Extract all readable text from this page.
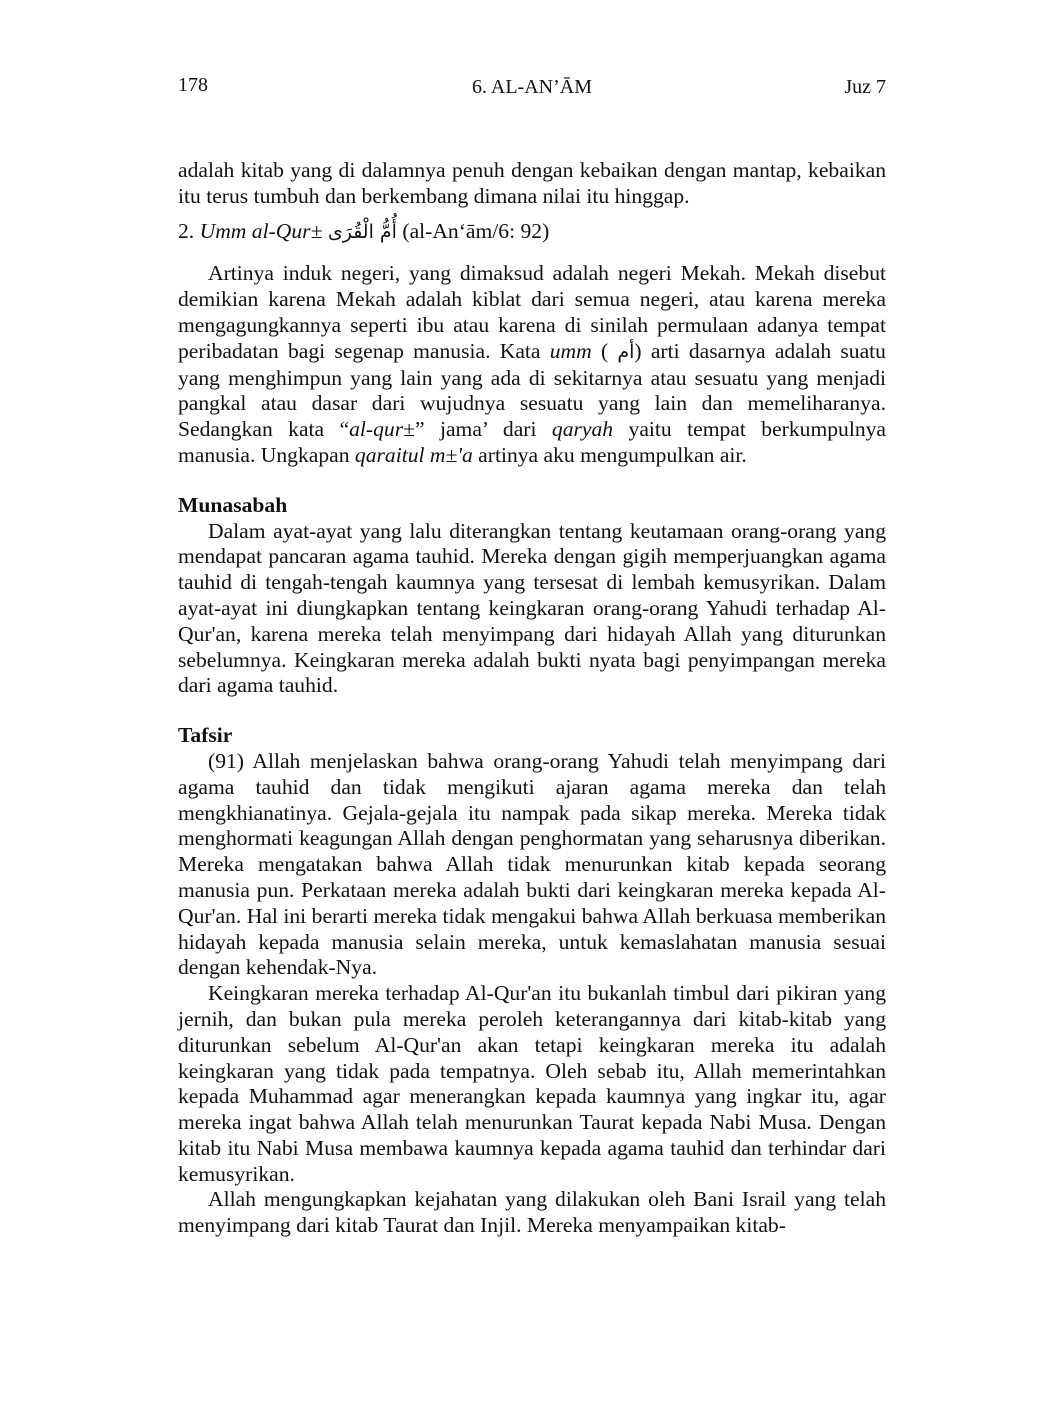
178	6. AL-AN’ĀM	Juz 7

adalah kitab yang di dalamnya penuh dengan kebaikan dengan mantap, kebaikan itu terus tumbuh dan berkembang dimana nilai itu hinggap.

2. Umm al-Qur± أُمُّ الْقُرَى (al-An‘ām/6: 92)

Artinya induk negeri, yang dimaksud adalah negeri Mekah. Mekah disebut demikian karena Mekah adalah kiblat dari semua negeri, atau karena mereka mengagungkannya seperti ibu atau karena di sinilah permulaan adanya tempat peribadatan bagi segenap manusia. Kata umm ( أم) arti dasarnya adalah suatu yang menghimpun yang lain yang ada di sekitarnya atau sesuatu yang menjadi pangkal atau dasar dari wujudnya sesuatu yang lain dan memeliharanya. Sedangkan kata “al-qur±” jama’ dari qaryah yaitu tempat berkumpulnya manusia. Ungkapan qaraitul m±'a artinya aku mengumpulkan air.

Munasabah

Dalam ayat-ayat yang lalu diterangkan tentang keutamaan orang-orang yang mendapat pancaran agama tauhid. Mereka dengan gigih memperjuangkan agama tauhid di tengah-tengah kaumnya yang tersesat di lembah kemusyrikan. Dalam ayat-ayat ini diungkapkan tentang keingkaran orang-orang Yahudi terhadap Al-Qur'an, karena mereka telah menyimpang dari hidayah Allah yang diturunkan sebelumnya. Keingkaran mereka adalah bukti nyata bagi penyimpangan mereka dari agama tauhid.

Tafsir

(91) Allah menjelaskan bahwa orang-orang Yahudi telah menyimpang dari agama tauhid dan tidak mengikuti ajaran agama mereka dan telah mengkhianatinya. Gejala-gejala itu nampak pada sikap mereka. Mereka tidak menghormati keagungan Allah dengan penghormatan yang seharusnya diberikan. Mereka mengatakan bahwa Allah tidak menurunkan kitab kepada seorang manusia pun. Perkataan mereka adalah bukti dari keingkaran mereka kepada Al-Qur'an. Hal ini berarti mereka tidak mengakui bahwa Allah berkuasa memberikan hidayah kepada manusia selain mereka, untuk kemaslahatan manusia sesuai dengan kehendak-Nya.

Keingkaran mereka terhadap Al-Qur'an itu bukanlah timbul dari pikiran yang jernih, dan bukan pula mereka peroleh keterangannya dari kitab-kitab yang diturunkan sebelum Al-Qur'an akan tetapi keingkaran mereka itu adalah keingkaran yang tidak pada tempatnya. Oleh sebab itu, Allah memerintahkan kepada Muhammad agar menerangkan kepada kaumnya yang ingkar itu, agar mereka ingat bahwa Allah telah menurunkan Taurat kepada Nabi Musa. Dengan kitab itu Nabi Musa membawa kaumnya kepada agama tauhid dan terhindar dari kemusyrikan.

Allah mengungkapkan kejahatan yang dilakukan oleh Bani Israil yang telah menyimpang dari kitab Taurat dan Injil. Mereka menyampaikan kitab-
